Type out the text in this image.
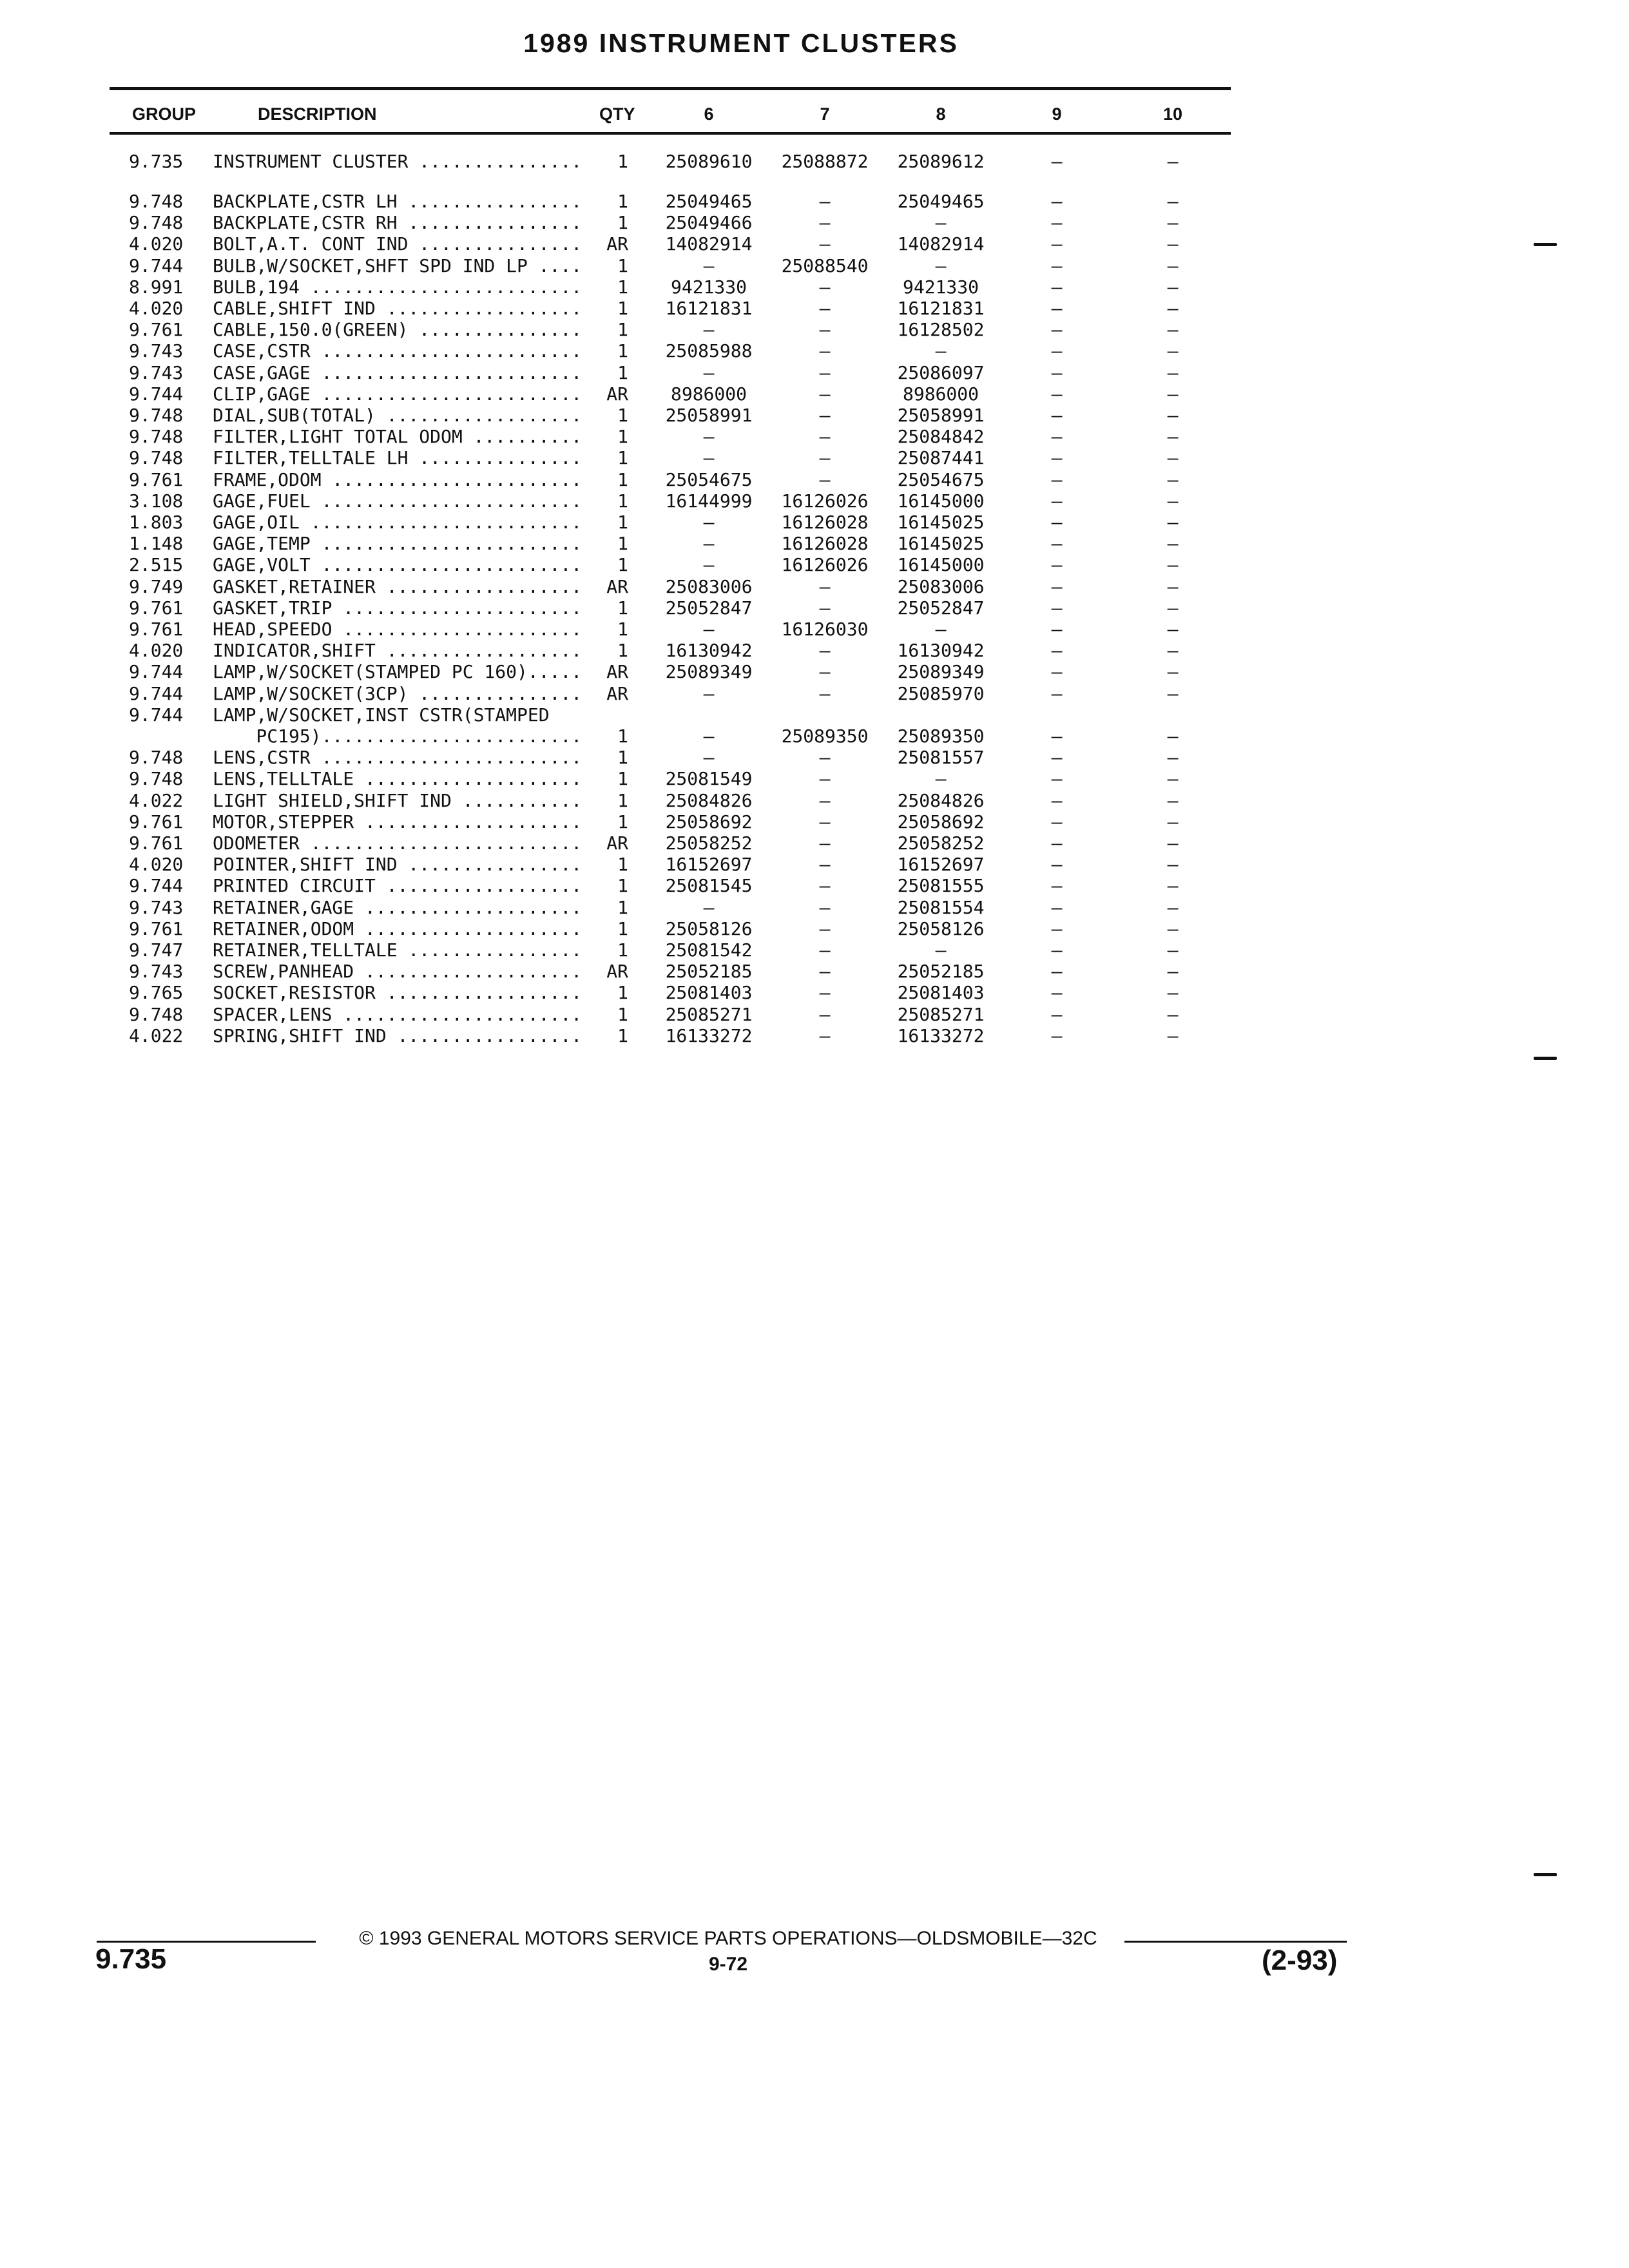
1989 INSTRUMENT CLUSTERS
GROUP	DESCRIPTION	QTY	6	7	8	9	10
9.735	INSTRUMENT CLUSTER ...............	1	25089610	25088872	25089612	—	—
9.748	BACKPLATE,CSTR LH ................	1	25049465	—	25049465	—	—
9.748	BACKPLATE,CSTR RH ................	1	25049466	—	—	—	—
4.020	BOLT,A.T. CONT IND ...............	AR	14082914	—	14082914	—	—
9.744	BULB,W/SOCKET,SHFT SPD IND LP ....	1	—	25088540	—	—	—
8.991	BULB,194 .........................	1	9421330	—	9421330	—	—
4.020	CABLE,SHIFT IND ..................	1	16121831	—	16121831	—	—
9.761	CABLE,150.0(GREEN) ...............	1	—	—	16128502	—	—
9.743	CASE,CSTR ........................	1	25085988	—	—	—	—
9.743	CASE,GAGE ........................	1	—	—	25086097	—	—
9.744	CLIP,GAGE ........................	AR	8986000	—	8986000	—	—
9.748	DIAL,SUB(TOTAL) ..................	1	25058991	—	25058991	—	—
9.748	FILTER,LIGHT TOTAL ODOM ..........	1	—	—	25084842	—	—
9.748	FILTER,TELLTALE LH ...............	1	—	—	25087441	—	—
9.761	FRAME,ODOM .......................	1	25054675	—	25054675	—	—
3.108	GAGE,FUEL ........................	1	16144999	16126026	16145000	—	—
1.803	GAGE,OIL .........................	1	—	16126028	16145025	—	—
1.148	GAGE,TEMP ........................	1	—	16126028	16145025	—	—
2.515	GAGE,VOLT ........................	1	—	16126026	16145000	—	—
9.749	GASKET,RETAINER ..................	AR	25083006	—	25083006	—	—
9.761	GASKET,TRIP ......................	1	25052847	—	25052847	—	—
9.761	HEAD,SPEEDO ......................	1	—	16126030	—	—	—
4.020	INDICATOR,SHIFT ..................	1	16130942	—	16130942	—	—
9.744	LAMP,W/SOCKET(STAMPED PC 160).....	AR	25089349	—	25089349	—	—
9.744	LAMP,W/SOCKET(3CP) ...............	AR	—	—	25085970	—	—
9.744	LAMP,W/SOCKET,INST CSTR(STAMPED
PC195)........................	1	—	25089350	25089350	—	—
9.748	LENS,CSTR ........................	1	—	—	25081557	—	—
9.748	LENS,TELLTALE ....................	1	25081549	—	—	—	—
4.022	LIGHT SHIELD,SHIFT IND ...........	1	25084826	—	25084826	—	—
9.761	MOTOR,STEPPER ....................	1	25058692	—	25058692	—	—
9.761	ODOMETER .........................	AR	25058252	—	25058252	—	—
4.020	POINTER,SHIFT IND ................	1	16152697	—	16152697	—	—
9.744	PRINTED CIRCUIT ..................	1	25081545	—	25081555	—	—
9.743	RETAINER,GAGE ....................	1	—	—	25081554	—	—
9.761	RETAINER,ODOM ....................	1	25058126	—	25058126	—	—
9.747	RETAINER,TELLTALE ................	1	25081542	—	—	—	—
9.743	SCREW,PANHEAD ....................	AR	25052185	—	25052185	—	—
9.765	SOCKET,RESISTOR ..................	1	25081403	—	25081403	—	—
9.748	SPACER,LENS ......................	1	25085271	—	25085271	—	—
4.022	SPRING,SHIFT IND .................	1	16133272	—	16133272	—	—
© 1993 GENERAL MOTORS SERVICE PARTS OPERATIONS—OLDSMOBILE—32C
9-72
9.735	(2-93)
